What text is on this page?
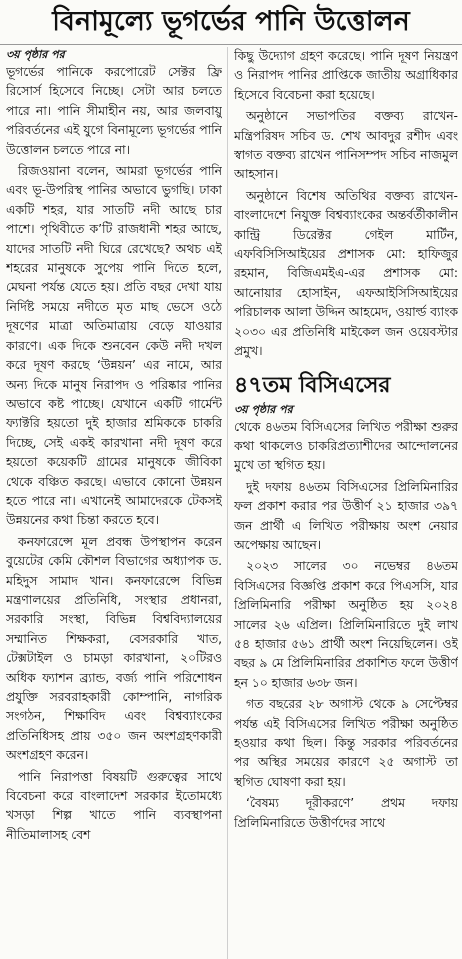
বিনামূল্যে ভূগর্ভের পানি উত্তোলন
৩য় পৃষ্ঠার পর

ভূগর্ভের পানিকে করপোরেট সেক্টর ফ্রি রিসোর্স হিসেবে নিচ্ছে। সেটা আর চলতে পারে না। পানি সীমাহীন নয়, আর জলবায়ু পরিবর্তনের এই যুগে বিনামূল্যে ভূগর্ভের পানি উত্তোলন চলতে পারে না।

রিজওয়ানা বলেন, আমরা ভূগর্ভের পানি এবং ভূ-উপরিস্থ পানির অভাবে ভুগছি। ঢাকা একটি শহর, যার সাতটি নদী আছে চার পাশে। পৃথিবীতে ক’টি রাজধানী শহর আছে, যাদের সাতটি নদী ঘিরে রেখেছে? অথচ এই শহরের মানুষকে সুপেয় পানি দিতে হলে, মেঘনা পর্যন্ত যেতে হয়। প্রতি বছর দেখা যায় নির্দিষ্ট সময়ে নদীতে মৃত মাছ ভেসে ওঠে দূষণের মাত্রা অতিমাত্রায় বেড়ে যাওয়ার কারণে। এক দিকে শুনবেন কেউ নদী দখল করে দূষণ করছে ‘উন্নয়ন’ এর নামে, আর অন্য দিকে মানুষ নিরাপদ ও পরিষ্কার পানির অভাবে কষ্ট পাচ্ছে। যেখানে একটি গার্মেন্ট ফ্যাক্টরি হয়তো দুই হাজার শ্রমিককে চাকরি দিচ্ছে, সেই একই কারখানা নদী দূষণ করে হয়তো কয়েকটি গ্রামের মানুষকে জীবিকা থেকে বঞ্চিত করছে। এভাবে কোনো উন্নয়ন হতে পারে না। এখানেই আমাদেরকে টেকসই উন্নয়নের কথা চিন্তা করতে হবে।

কনফারেন্সে মূল প্রবন্ধ উপস্থাপন করেন বুয়েটের কেমি কৌশল বিভাগের অধ্যাপক ড. মহিদুস সামাদ খান। কনফারেন্সে বিভিন্ন মন্ত্রণালয়ের প্রতিনিধি, সংস্থার প্রধানরা, সরকারি সংস্থা, বিভিন্ন বিশ্ববিদ্যালয়ের সম্মানিত শিক্ষকরা, বেসরকারি খাত, টেক্সটাইল ও চামড়া কারখানা, ২০টিরও অধিক ফ্যাশন ব্র্যান্ড, বর্জ্য পানি পরিশোধন প্রযুক্তি সরবরাহকারী কোম্পানি, নাগরিক সংগঠন, শিক্ষাবিদ এবং বিশ্বব্যাংকের প্রতিনিধিসহ প্রায় ৩৫০ জন অংশগ্রহণকারী অংশগ্রহণ করেন।

পানি নিরাপত্তা বিষয়টি গুরুত্বের সাথে বিবেচনা করে বাংলাদেশ সরকার ইতোমধ্যে খসড়া শিল্প খাতে পানি ব্যবস্থাপনা নীতিমালাসহ বেশ

কিছু উদ্যোগ গ্রহণ করেছে। পানি দূষণ নিয়ন্ত্রণ ও নিরাপদ পানির প্রাপ্তিকে জাতীয় অগ্রাধিকার হিসেবে বিবেচনা করা হয়েছে।

অনুষ্ঠানে সভাপতির বক্তব্য রাখেন- মন্ত্রিপরিষদ সচিব ড. শেখ আবদুর রশীদ এবং স্বাগত বক্তব্য রাখেন পানিসম্পদ সচিব নাজমুল আহসান।

অনুষ্ঠানে বিশেষ অতিথির বক্তব্য রাখেন- বাংলাদেশে নিযুক্ত বিশ্বব্যাংকের অন্তর্বর্তীকালীন কান্ট্রি ডিরেক্টর গেইল মার্টিন, এফবিসিসিআইয়ের প্রশাসক মো: হাফিজুর রহমান, বিজিএমইএ-এর প্রশাসক মো: আনোয়ার হোসাইন, এফআইসিসিআইয়ের পরিচালক আলা উদ্দিন আহমেদ, ওয়ার্ল্ড ব্যাংক ২০৩০ এর প্রতিনিধি মাইকেল জন ওয়েবস্টার প্রমুখ।

৪৭তম বিসিএসের
৩য় পৃষ্ঠার পর

থেকে ৪৬তম বিসিএসের লিখিত পরীক্ষা শুরুর কথা থাকলেও চাকরিপ্রত্যাশীদের আন্দোলনের মুখে তা স্থগিত হয়।

দুই দফায় ৪৬তম বিসিএসের প্রিলিমিনারির ফল প্রকাশ করার পর উত্তীর্ণ ২১ হাজার ৩৯৭ জন প্রার্থী এ লিখিত পরীক্ষায় অংশ নেয়ার অপেক্ষায় আছেন।

২০২৩ সালের ৩০ নভেম্বর ৪৬তম বিসিএসের বিজ্ঞপ্তি প্রকাশ করে পিএসসি, যার প্রিলিমিনারি পরীক্ষা অনুষ্ঠিত হয় ২০২৪ সালের ২৬ এপ্রিল। প্রিলিমিনারিতে দুই লাখ ৫৪ হাজার ৫৬১ প্রার্থী অংশ নিয়েছিলেন। ওই বছর ৯ মে প্রিলিমিনারির প্রকাশিত ফলে উত্তীর্ণ হন ১০ হাজার ৬৩৮ জন।

গত বছরের ২৮ অগাস্ট থেকে ৯ সেপ্টেম্বর পর্যন্ত এই বিসিএসের লিখিত পরীক্ষা অনুষ্ঠিত হওয়ার কথা ছিল। কিন্তু সরকার পরিবর্তনের পর অস্থির সময়ের কারণে ২৫ অগাস্ট তা স্থগিত ঘোষণা করা হয়।

‘বৈষম্য দূরীকরণে’ প্রথম দফায় প্রিলিমিনারিতে উত্তীর্ণদের সাথে
